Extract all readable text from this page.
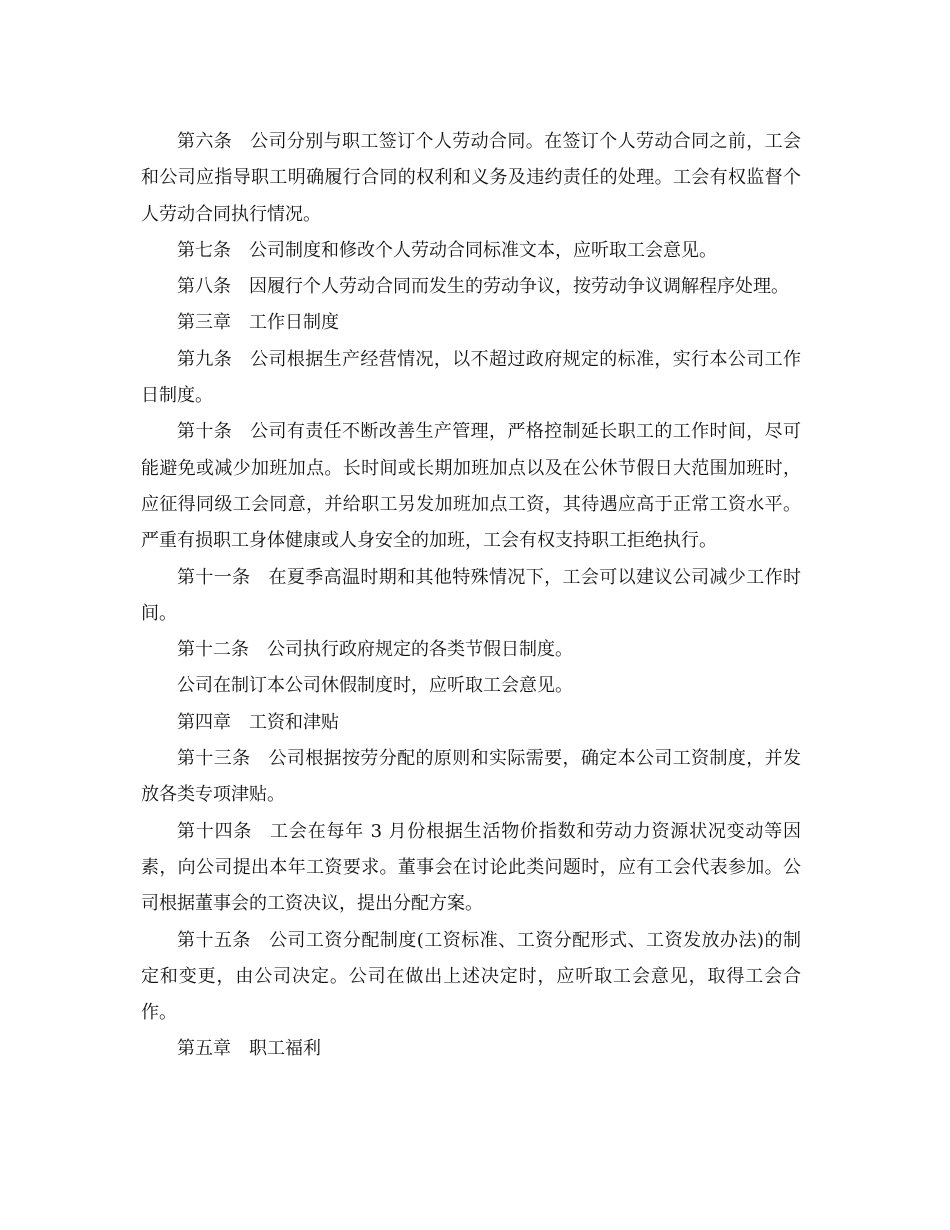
第六条 公司分别与职工签订个人劳动合同。在签订个人劳动合同之前，工会和公司应指导职工明确履行合同的权利和义务及违约责任的处理。工会有权监督个人劳动合同执行情况。

第七条 公司制度和修改个人劳动合同标准文本，应听取工会意见。

第八条 因履行个人劳动合同而发生的劳动争议，按劳动争议调解程序处理。

第三章 工作日制度

第九条 公司根据生产经营情况，以不超过政府规定的标准，实行本公司工作日制度。

第十条 公司有责任不断改善生产管理，严格控制延长职工的工作时间，尽可能避免或减少加班加点。长时间或长期加班加点以及在公休节假日大范围加班时，应征得同级工会同意，并给职工另发加班加点工资，其待遇应高于正常工资水平。严重有损职工身体健康或人身安全的加班，工会有权支持职工拒绝执行。

第十一条 在夏季高温时期和其他特殊情况下，工会可以建议公司减少工作时间。

第十二条 公司执行政府规定的各类节假日制度。

公司在制订本公司休假制度时，应听取工会意见。

第四章 工资和津贴

第十三条 公司根据按劳分配的原则和实际需要，确定本公司工资制度，并发放各类专项津贴。

第十四条 工会在每年 3 月份根据生活物价指数和劳动力资源状况变动等因素，向公司提出本年工资要求。董事会在讨论此类问题时，应有工会代表参加。公司根据董事会的工资决议，提出分配方案。

第十五条 公司工资分配制度(工资标准、工资分配形式、工资发放办法)的制定和变更，由公司决定。公司在做出上述决定时，应听取工会意见，取得工会合作。

第五章 职工福利
